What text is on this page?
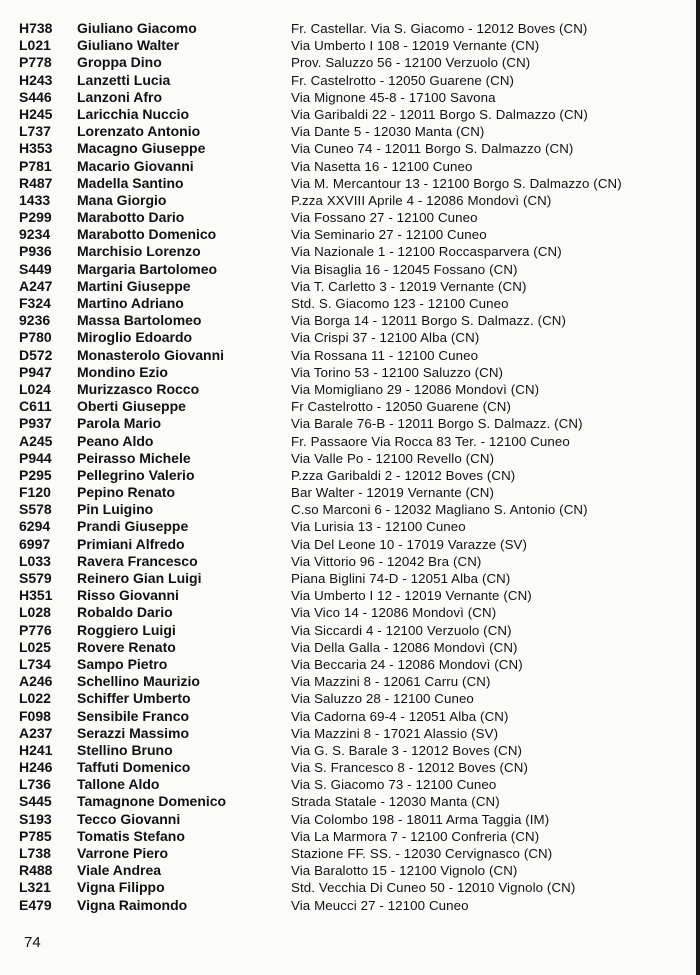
H738 Giuliano Giacomo	Fr. Castellar. Via S. Giacomo - 12012 Boves (CN)
L021 Giuliano Walter	Via Umberto I 108 - 12019 Vernante (CN)
P778 Groppa Dino	Prov. Saluzzo 56 - 12100 Verzuolo (CN)
H243 Lanzetti Lucia	Fr. Castelrotto - 12050 Guarene (CN)
S446 Lanzoni Afro	Via Mignone 45-8 - 17100 Savona
H245 Laricchia Nuccio	Via Garibaldi 22 - 12011 Borgo S. Dalmazzo (CN)
L737 Lorenzato Antonio	Via Dante 5 - 12030 Manta (CN)
H353 Macagno Giuseppe	Via Cuneo 74 - 12011 Borgo S. Dalmazzo (CN)
P781 Macario Giovanni	Via Nasetta 16 - 12100 Cuneo
R487 Madella Santino	Via M. Mercantour 13 - 12100 Borgo S. Dalmazzo (CN)
1433 Mana Giorgio	P.zza XXVIII Aprile 4 - 12086 Mondovì (CN)
P299 Marabotto Dario	Via Fossano 27 - 12100 Cuneo
9234 Marabotto Domenico	Via Seminario 27 - 12100 Cuneo
P936 Marchisio Lorenzo	Via Nazionale 1 - 12100 Roccasparvera (CN)
S449 Margaria Bartolomeo	Via Bisaglia 16 - 12045 Fossano (CN)
A247 Martini Giuseppe	Via T. Carletto 3 - 12019 Vernante (CN)
F324 Martino Adriano	Std. S. Giacomo 123 - 12100 Cuneo
9236 Massa Bartolomeo	Via Borga 14 - 12011 Borgo S. Dalmazz. (CN)
P780 Miroglio Edoardo	Via Crispi 37 - 12100 Alba (CN)
D572 Monasterolo Giovanni	Via Rossana 11 - 12100 Cuneo
P947 Mondino Ezio	Via Torino 53 - 12100 Saluzzo (CN)
L024 Murizzasco Rocco	Via Momigliano 29 - 12086 Mondovì (CN)
C611 Oberti Giuseppe	Fr Castelrotto - 12050 Guarene (CN)
P937 Parola Mario	Via Barale 76-B - 12011 Borgo S. Dalmazz. (CN)
A245 Peano Aldo	Fr. Passaore Via Rocca 83 Ter. - 12100 Cuneo
P944 Peirasso Michele	Via Valle Po - 12100 Revello (CN)
P295 Pellegrino Valerio	P.zza Garibaldi 2 - 12012 Boves (CN)
F120 Pepino Renato	Bar Walter - 12019 Vernante (CN)
S578 Pin Luigino	C.so Marconi 6 - 12032 Magliano S. Antonio (CN)
6294 Prandi Giuseppe	Via Lurisia 13 - 12100 Cuneo
6997 Primiani Alfredo	Via Del Leone 10 - 17019 Varazze (SV)
L033 Ravera Francesco	Via Vittorio 96 - 12042 Bra (CN)
S579 Reinero Gian Luigi	Piana Biglini 74-D - 12051 Alba (CN)
H351 Risso Giovanni	Via Umberto I 12 - 12019 Vernante (CN)
L028 Robaldo Dario	Via Vico 14 - 12086 Mondovì (CN)
P776 Roggiero Luigi	Via Siccardi 4 - 12100 Verzuolo (CN)
L025 Rovere Renato	Via Della Galla - 12086 Mondovì (CN)
L734 Sampo Pietro	Via Beccaria 24 - 12086 Mondovì (CN)
A246 Schellino Maurizio	Via Mazzini 8 - 12061 Carru (CN)
L022 Schiffer Umberto	Via Saluzzo 28 - 12100 Cuneo
F098 Sensibile Franco	Via Cadorna 69-4 - 12051 Alba (CN)
A237 Serazzi Massimo	Via Mazzini 8 - 17021 Alassio (SV)
H241 Stellino Bruno	Via G. S. Barale 3 - 12012 Boves (CN)
H246 Taffuti Domenico	Via S. Francesco 8 - 12012 Boves (CN)
L736 Tallone Aldo	Via S. Giacomo 73 - 12100 Cuneo
S445 Tamagnone Domenico	Strada Statale - 12030 Manta (CN)
S193 Tecco Giovanni	Via Colombo 198 - 18011 Arma Taggia (IM)
P785 Tomatis Stefano	Via La Marmora 7 - 12100 Confreria (CN)
L738 Varrone Piero	Stazione FF. SS. - 12030 Cervignasco (CN)
R488 Viale Andrea	Via Baralotto 15 - 12100 Vignolo (CN)
L321 Vigna Filippo	Std. Vecchia Di Cuneo 50 - 12010 Vignolo (CN)
E479 Vigna Raimondo	Via Meucci 27 - 12100 Cuneo
74
